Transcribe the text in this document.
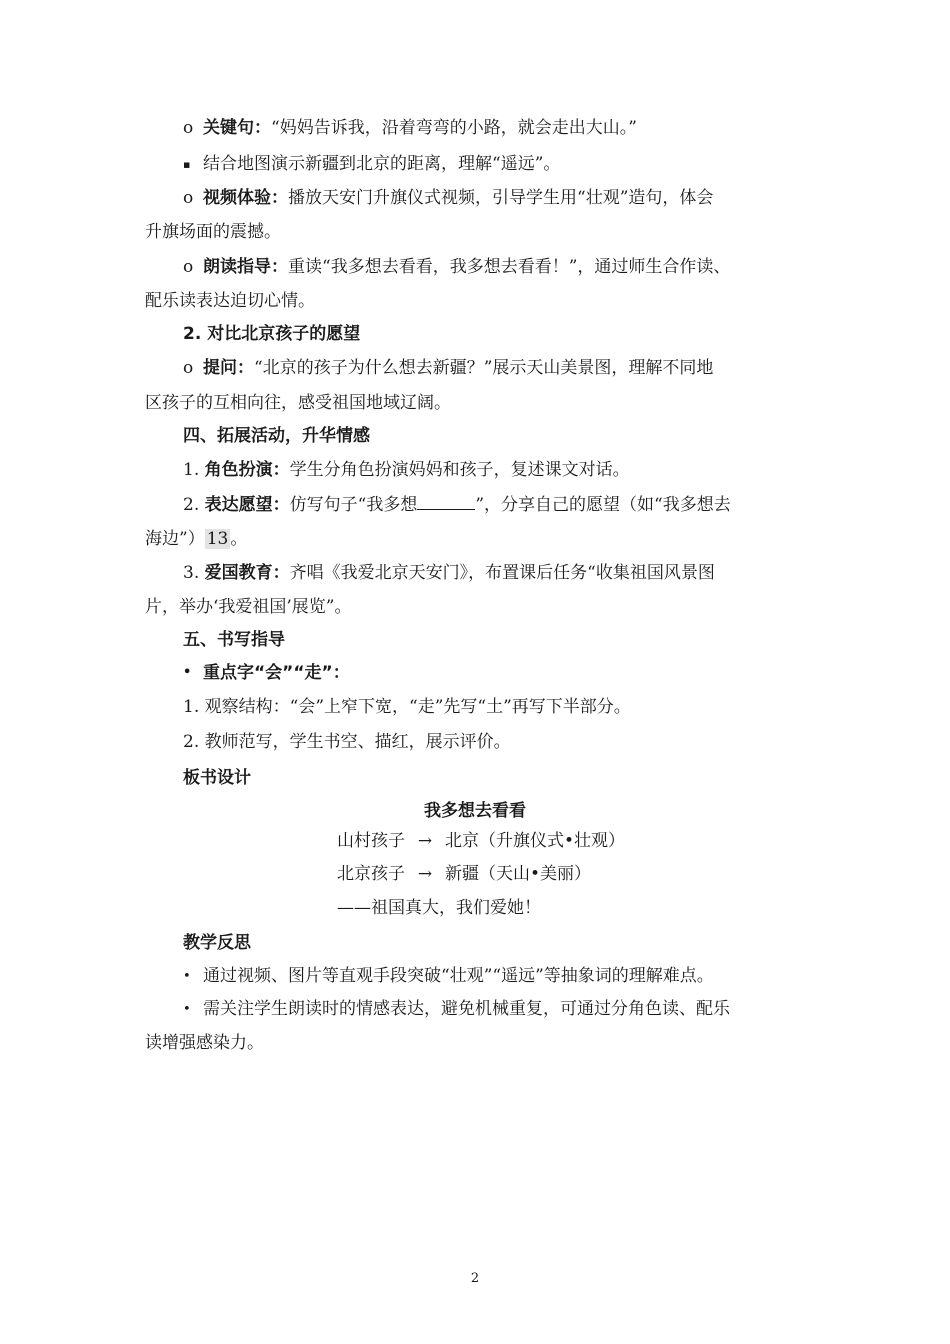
o 关键句：“妈妈告诉我，沿着弯弯的小路，就会走出大山。”
▪ 结合地图演示新疆到北京的距离，理解“遥远”。
o 视频体验：播放天安门升旗仪式视频，引导学生用“壮观”造句，体会
升旗场面的震撼。
o 朗读指导：重读“我多想去看看，我多想去看看！”，通过师生合作读、
配乐读表达迫切心情。
2. 对比北京孩子的愿望
o 提问：“北京的孩子为什么想去新疆？”展示天山美景图，理解不同地
区孩子的互相向往，感受祖国地域辽阔。
四、拓展活动，升华情感
1. 角色扮演：学生分角色扮演妈妈和孩子，复述课文对话。
2. 表达愿望：仿写句子“我多想	”，分享自己的愿望（如“我多想去
海边”） 13 。
3. 爱国教育：齐唱《我爱北京天安门》，布置课后任务“收集祖国风景图
片，举办‘我爱祖国’展览”。
五、书写指导
• 重点字“会”“走”：
1. 观察结构：“会”上窄下宽，“走”先写“土”再写下半部分。
2. 教师范写，学生书空、描红，展示评价。
板书设计
我多想去看看
山村孩子 → 北京（升旗仪式•壮观）
北京孩子 → 新疆（天山•美丽）
——祖国真大，我们爱她！
教学反思
• 通过视频、图片等直观手段突破“壮观”“遥远”等抽象词的理解难点。
• 需关注学生朗读时的情感表达，避免机械重复，可通过分角色读、配乐
读增强感染力。
2
